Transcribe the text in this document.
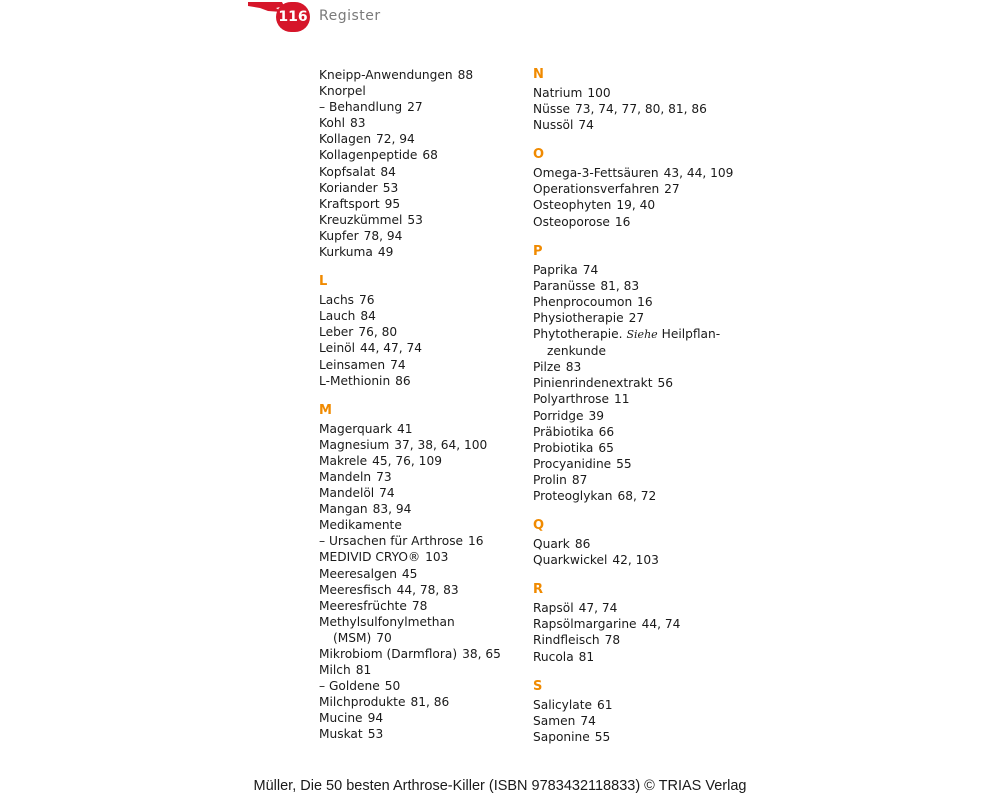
116 Register
Kneipp-Anwendungen 88
Knorpel
– Behandlung 27
Kohl 83
Kollagen 72, 94
Kollagenpeptide 68
Kopfsalat 84
Koriander 53
Kraftsport 95
Kreuzkümmel 53
Kupfer 78, 94
Kurkuma 49
L
Lachs 76
Lauch 84
Leber 76, 80
Leinöl 44, 47, 74
Leinsamen 74
L-Methionin 86
M
Magerquark 41
Magnesium 37, 38, 64, 100
Makrele 45, 76, 109
Mandeln 73
Mandelöl 74
Mangan 83, 94
Medikamente
– Ursachen für Arthrose 16
MEDIVID CRYO® 103
Meeresalgen 45
Meeresfisch 44, 78, 83
Meeresfrüchte 78
Methylsulfonylmethan
(MSM) 70
Mikrobiom (Darmflora) 38, 65
Milch 81
– Goldene 50
Milchprodukte 81, 86
Mucine 94
Muskat 53
N
Natrium 100
Nüsse 73, 74, 77, 80, 81, 86
Nussöl 74
O
Omega-3-Fettsäuren 43, 44, 109
Operationsverfahren 27
Osteophyten 19, 40
Osteoporose 16
P
Paprika 74
Paranüsse 81, 83
Phenprocoumon 16
Physiotherapie 27
Phytotherapie. Siehe Heilpflan-
zenkunde
Pilze 83
Pinienrindenextrakt 56
Polyarthrose 11
Porridge 39
Präbiotika 66
Probiotika 65
Procyanidine 55
Prolin 87
Proteoglykan 68, 72
Q
Quark 86
Quarkwickel 42, 103
R
Rapsöl 47, 74
Rapsölmargarine 44, 74
Rindfleisch 78
Rucola 81
S
Salicylate 61
Samen 74
Saponine 55
Müller, Die 50 besten Arthrose-Killer (ISBN 9783432118833) © TRIAS Verlag
